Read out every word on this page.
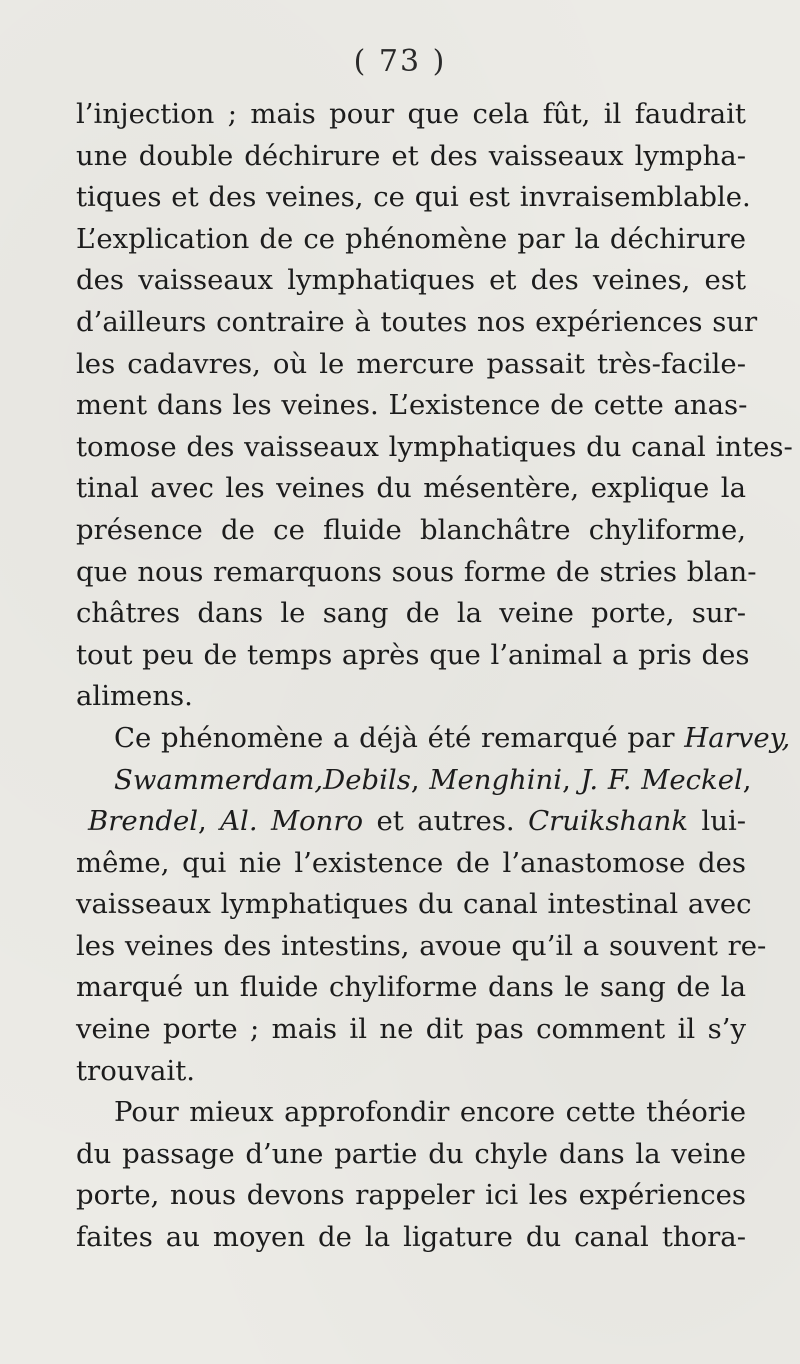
( 73 )
l’injection ; mais pour que cela fût, il faudrait
une double déchirure et des vaisseaux lympha-
tiques et des veines, ce qui est invraisemblable.
L’explication de ce phénomène par la déchirure
des vaisseaux lymphatiques et des veines, est
d’ailleurs contraire à toutes nos expériences sur
les cadavres, où le mercure passait très-facile-
ment dans les veines. L’existence de cette anas-
tomose des vaisseaux lymphatiques du canal intes-
tinal avec les veines du mésentère, explique la
présence de ce fluide blanchâtre chyliforme,
que nous remarquons sous forme de stries blan-
châtres dans le sang de la veine porte, sur-
tout peu de temps après que l’animal a pris des
alimens.
Ce phénomène a déjà été remarqué par Harvey,
Swammerdam,Debils, Menghini, J. F. Meckel,
Brendel, Al. Monro et autres. Cruikshank lui-
même, qui nie l’existence de l’anastomose des
vaisseaux lymphatiques du canal intestinal avec
les veines des intestins, avoue qu’il a souvent re-
marqué un fluide chyliforme dans le sang de la
veine porte ; mais il ne dit pas comment il s’y
trouvait.
Pour mieux approfondir encore cette théorie
du passage d’une partie du chyle dans la veine
porte, nous devons rappeler ici les expériences
faites au moyen de la ligature du canal thora-
